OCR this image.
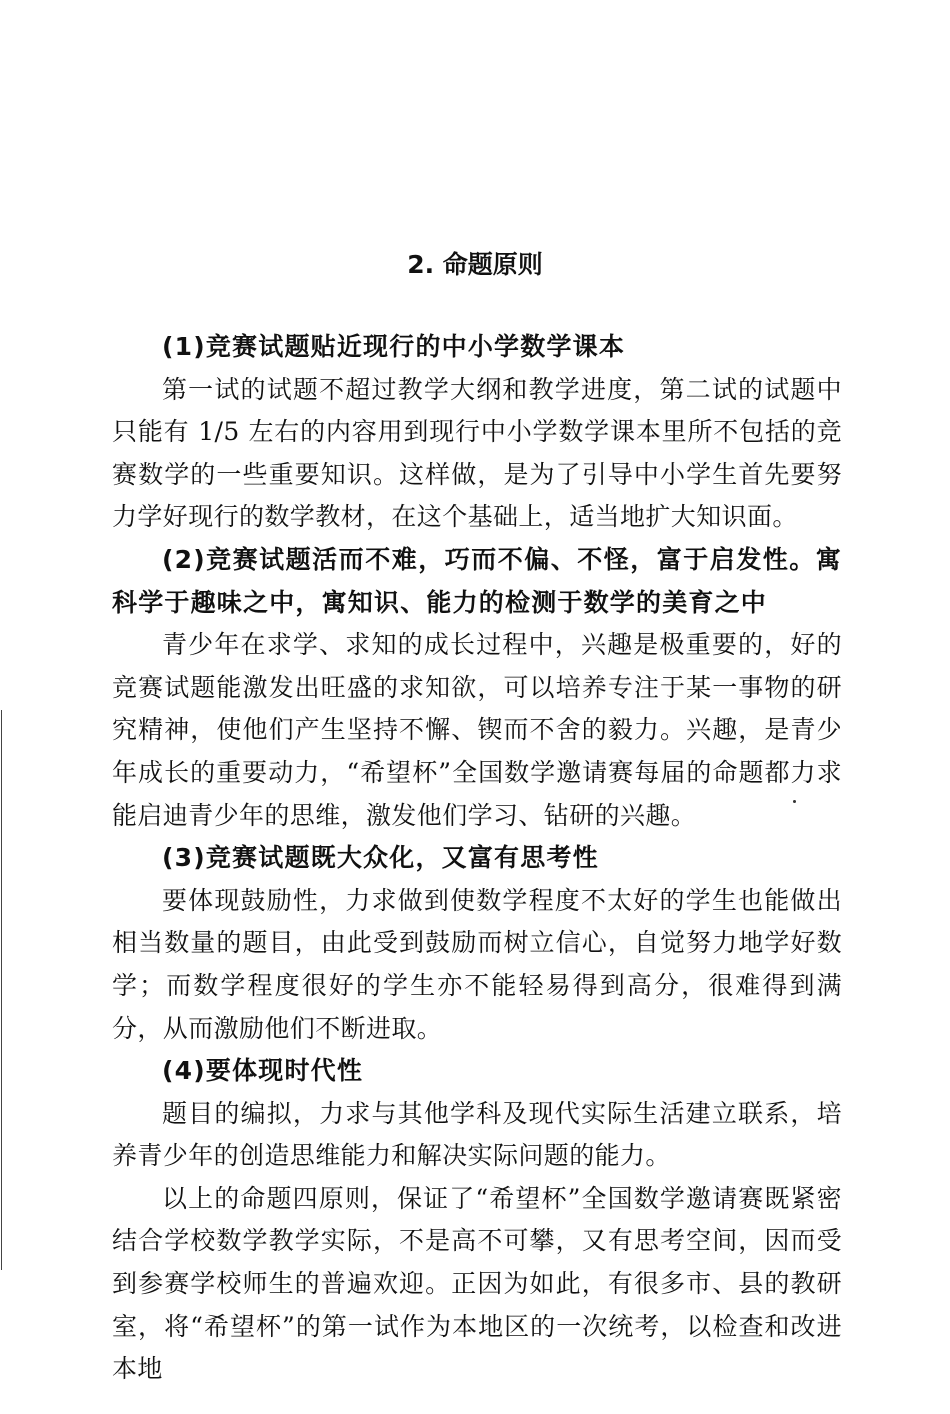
2. 命题原则

(1)竞赛试题贴近现行的中小学数学课本

第一试的试题不超过教学大纲和教学进度，第二试的试题中只能有 1/5 左右的内容用到现行中小学数学课本里所不包括的竞赛数学的一些重要知识。这样做，是为了引导中小学生首先要努力学好现行的数学教材，在这个基础上，适当地扩大知识面。

(2)竞赛试题活而不难，巧而不偏、不怪，富于启发性。寓科学于趣味之中，寓知识、能力的检测于数学的美育之中

青少年在求学、求知的成长过程中，兴趣是极重要的，好的竞赛试题能激发出旺盛的求知欲，可以培养专注于某一事物的研究精神，使他们产生坚持不懈、锲而不舍的毅力。兴趣，是青少年成长的重要动力，“希望杯”全国数学邀请赛每届的命题都力求能启迪青少年的思维，激发他们学习、钻研的兴趣。

(3)竞赛试题既大众化，又富有思考性

要体现鼓励性，力求做到使数学程度不太好的学生也能做出相当数量的题目，由此受到鼓励而树立信心，自觉努力地学好数学；而数学程度很好的学生亦不能轻易得到高分，很难得到满分，从而激励他们不断进取。

(4)要体现时代性

题目的编拟，力求与其他学科及现代实际生活建立联系，培养青少年的创造思维能力和解决实际问题的能力。

以上的命题四原则，保证了“希望杯”全国数学邀请赛既紧密结合学校数学教学实际，不是高不可攀，又有思考空间，因而受到参赛学校师生的普遍欢迎。正因为如此，有很多市、县的教研室，将“希望杯”的第一试作为本地区的一次统考，以检查和改进本地
